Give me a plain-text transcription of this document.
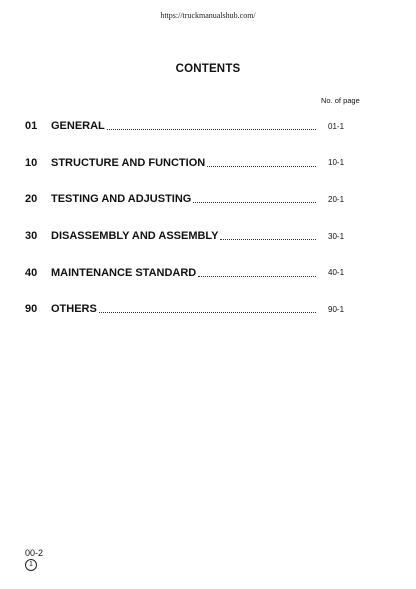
https://truckmanualshub.com/
CONTENTS
No. of page
01	GENERAL	01-1
10	STRUCTURE AND FUNCTION	10-1
20	TESTING AND ADJUSTING	20-1
30	DISASSEMBLY AND ASSEMBLY	30-1
40	MAINTENANCE STANDARD	40-1
90	OTHERS	90-1
00-2
1
